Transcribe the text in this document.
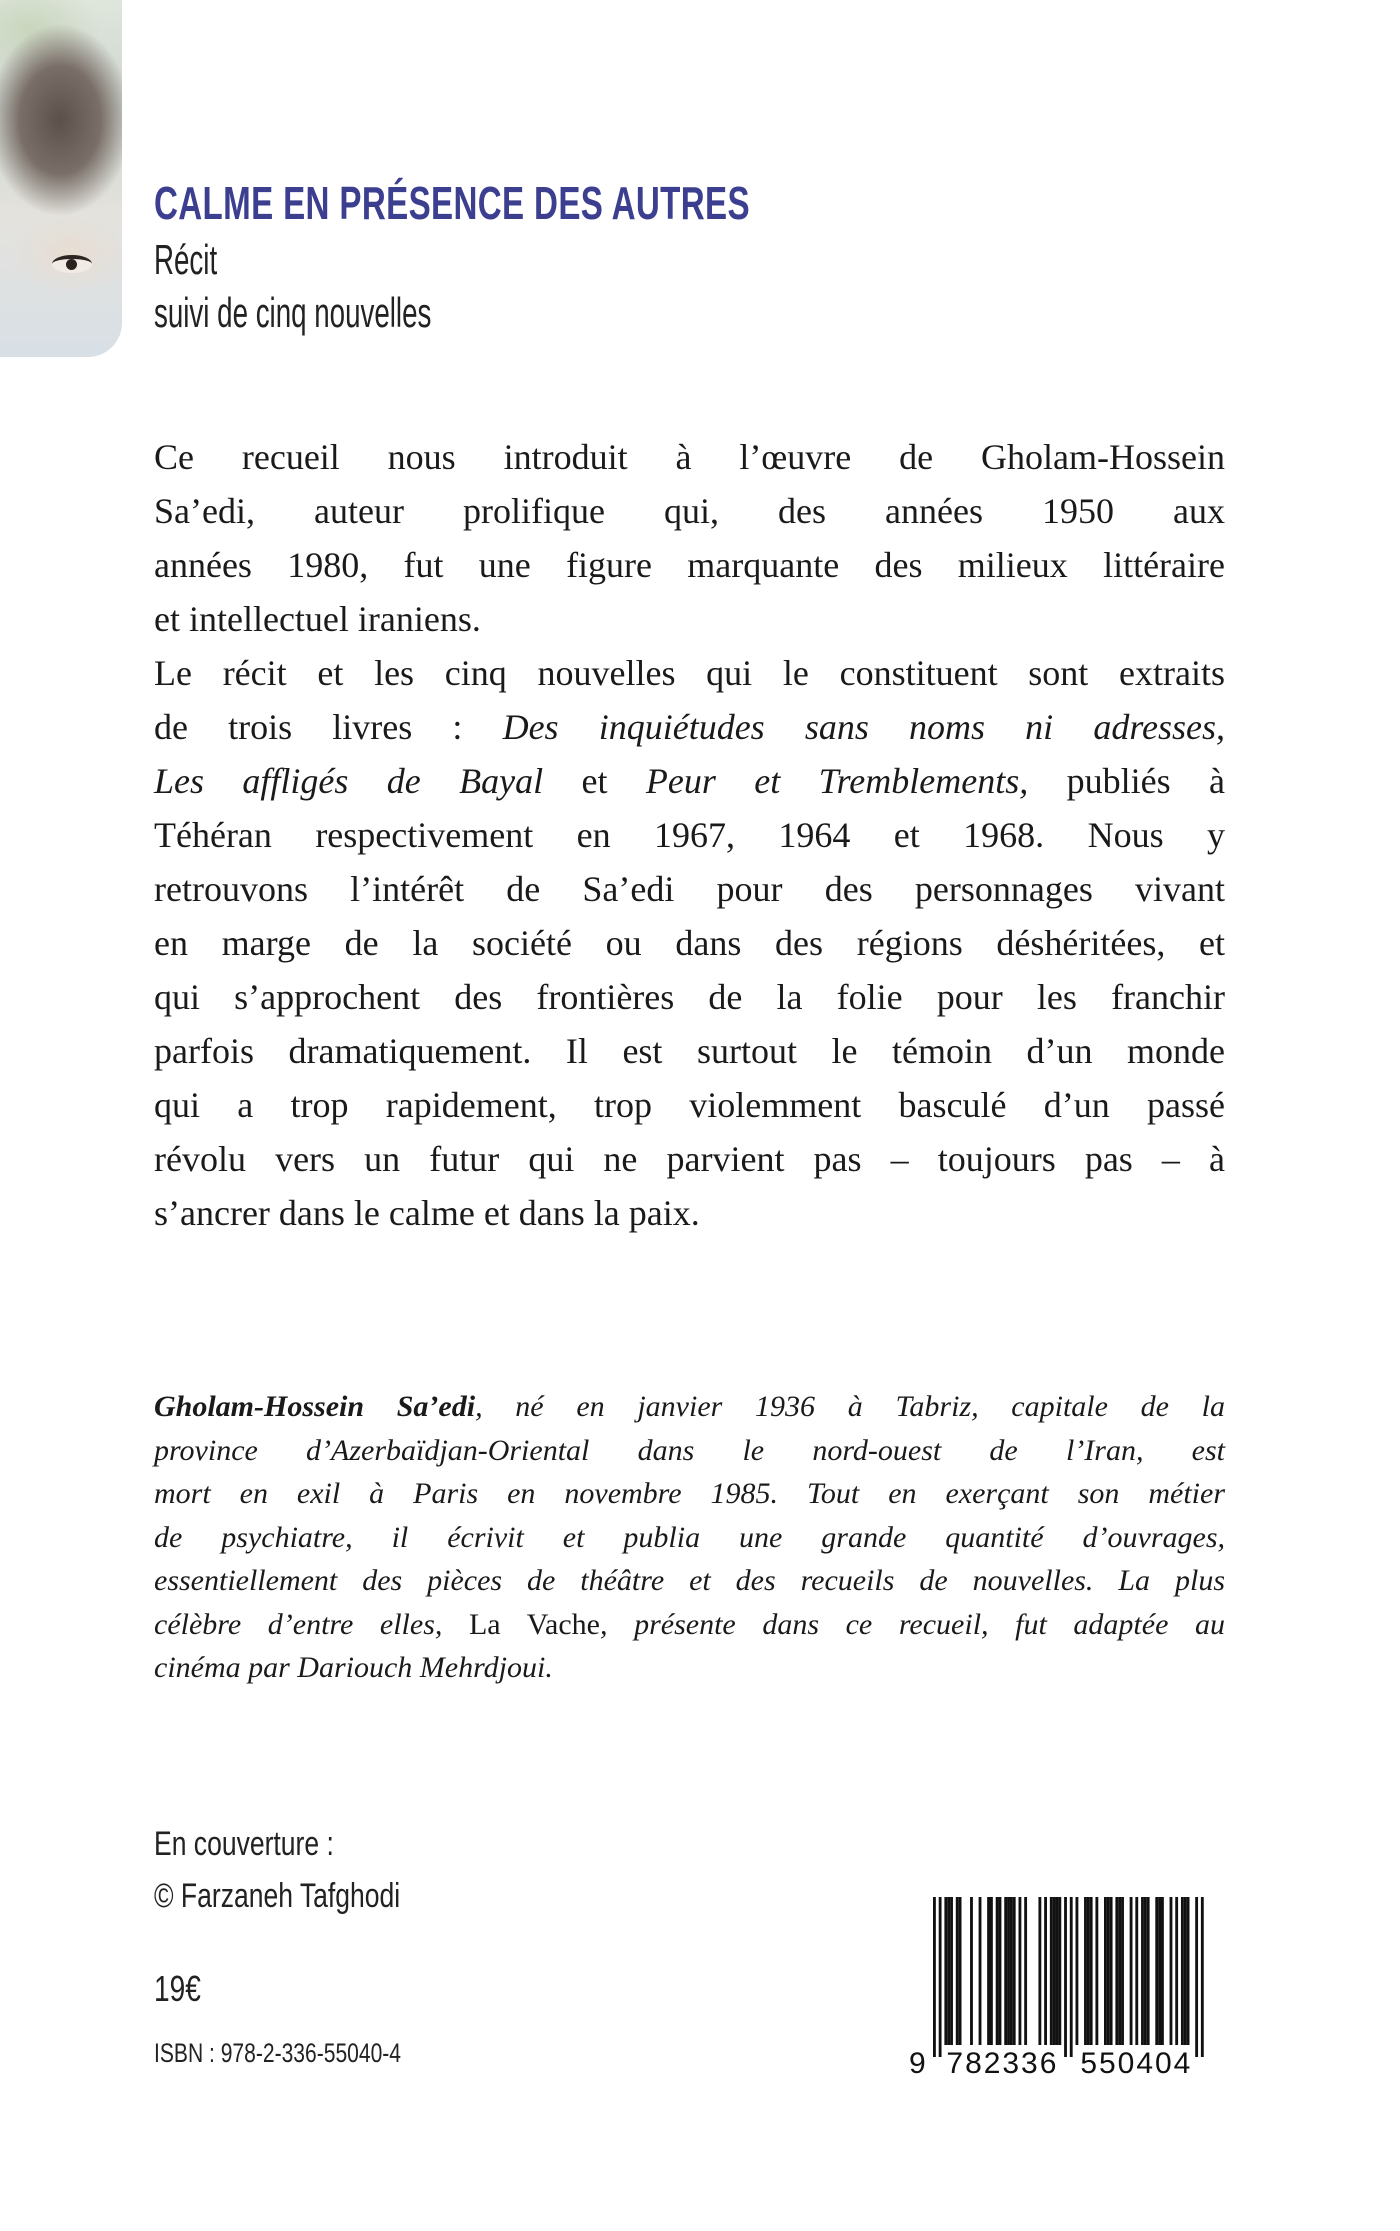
CALME EN PRÉSENCE DES AUTRES
Récit
suivi de cinq nouvelles
Ce recueil nous introduit à l’œuvre de Gholam-Hossein
Sa’edi, auteur prolifique qui, des années 1950 aux
années 1980, fut une figure marquante des milieux littéraire
et intellectuel iraniens.
Le récit et les cinq nouvelles qui le constituent sont extraits
de trois livres : Des inquiétudes sans noms ni adresses,
Les affligés de Bayal et Peur et Tremblements, publiés à
Téhéran respectivement en 1967, 1964 et 1968. Nous y
retrouvons l’intérêt de Sa’edi pour des personnages vivant
en marge de la société ou dans des régions déshéritées, et
qui s’approchent des frontières de la folie pour les franchir
parfois dramatiquement. Il est surtout le témoin d’un monde
qui a trop rapidement, trop violemment basculé d’un passé
révolu vers un futur qui ne parvient pas – toujours pas – à
s’ancrer dans le calme et dans la paix.
Gholam-Hossein Sa’edi, né en janvier 1936 à Tabriz, capitale de la
province d’Azerbaïdjan-Oriental dans le nord-ouest de l’Iran, est
mort en exil à Paris en novembre 1985. Tout en exerçant son métier
de psychiatre, il écrivit et publia une grande quantité d’ouvrages,
essentiellement des pièces de théâtre et des recueils de nouvelles. La plus
célèbre d’entre elles, La Vache, présente dans ce recueil, fut adaptée au
cinéma par Dariouch Mehrdjoui.
En couverture :
© Farzaneh Tafghodi
19€
ISBN : 978-2-336-55040-4	9 782336 550404
